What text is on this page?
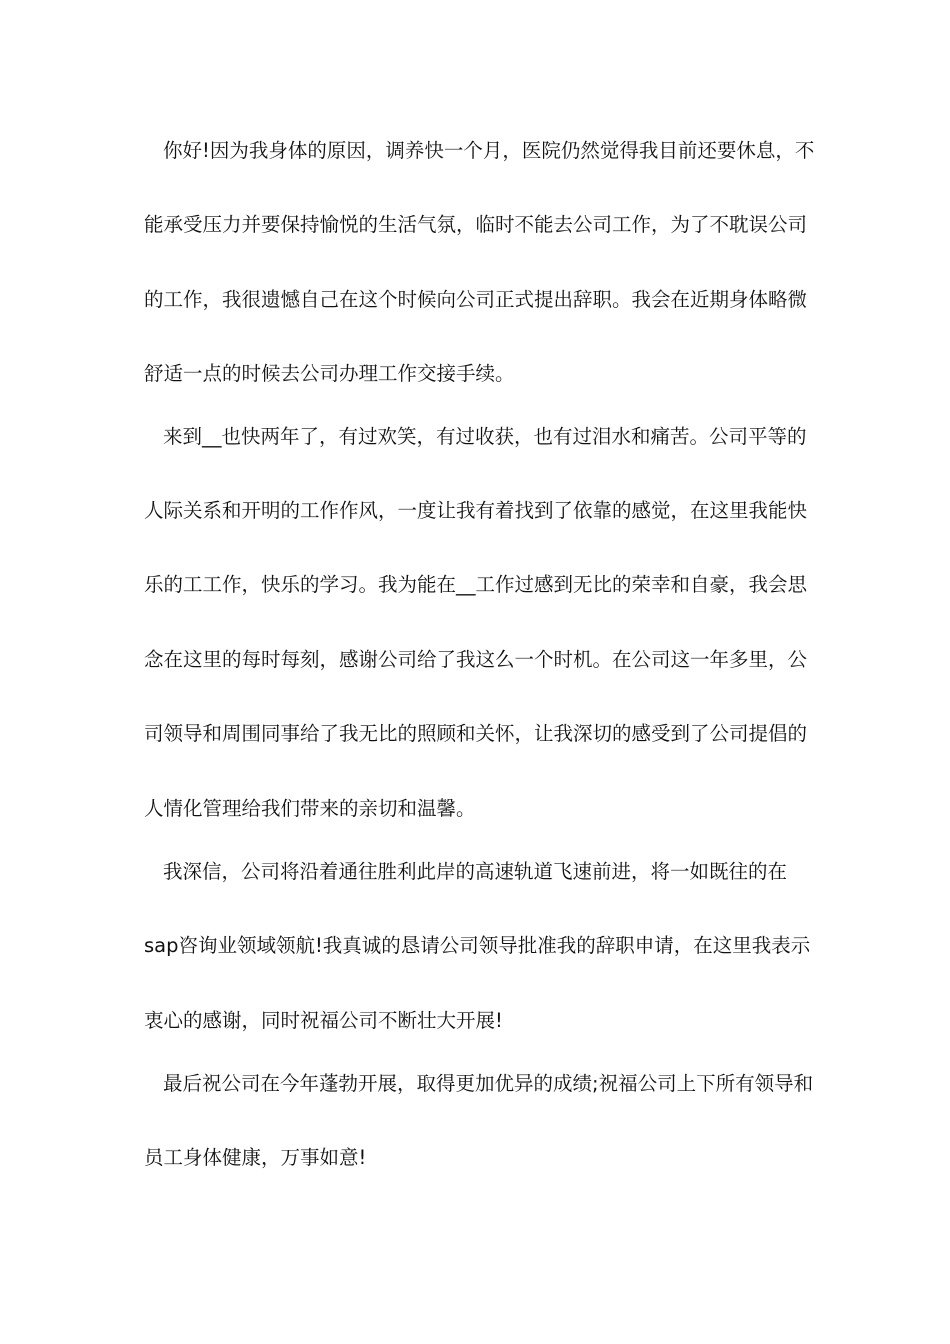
你好!因为我身体的原因，调养快一个月，医院仍然觉得我目前还要休息，不
能承受压力并要保持愉悦的生活气氛，临时不能去公司工作，为了不耽误公司
的工作，我很遗憾自己在这个时候向公司正式提出辞职。我会在近期身体略微
舒适一点的时候去公司办理工作交接手续。
来到__也快两年了，有过欢笑，有过收获，也有过泪水和痛苦。公司平等的
人际关系和开明的工作作风，一度让我有着找到了依靠的感觉，在这里我能快
乐的工工作，快乐的学习。我为能在__工作过感到无比的荣幸和自豪，我会思
念在这里的每时每刻，感谢公司给了我这么一个时机。在公司这一年多里，公
司领导和周围同事给了我无比的照顾和关怀，让我深切的感受到了公司提倡的
人情化管理给我们带来的亲切和温馨。
我深信，公司将沿着通往胜利此岸的高速轨道飞速前进，将一如既往的在
sap咨询业领域领航!我真诚的恳请公司领导批准我的辞职申请，在这里我表示
衷心的感谢，同时祝福公司不断壮大开展!
最后祝公司在今年蓬勃开展，取得更加优异的成绩;祝福公司上下所有领导和
员工身体健康，万事如意!
